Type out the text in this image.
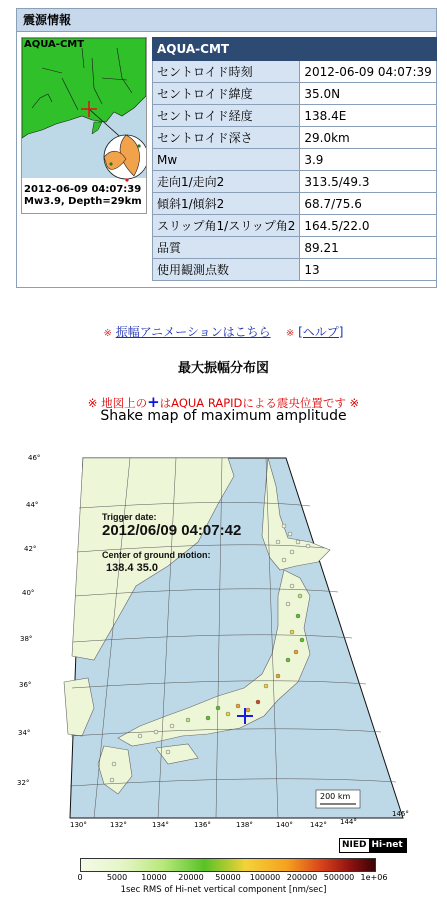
震源情報
AQUA-CMT
2012-06-09 04:07:39
Mw3.9, Depth=29km
AQUA-CMT	
セントロイド時刻	2012-06-09 04:07:39
セントロイド緯度	35.0N
セントロイド経度	138.4E
セントロイド深さ	29.0km
Mw	3.9
走向1/走向2	313.5/49.3
傾斜1/傾斜2	68.7/75.6
スリップ角1/スリップ角2	164.5/22.0
品質	89.21
使用観測点数	13
※ 振幅アニメーションはこちら ※ [ヘルプ]
最大振幅分布図
※ 地図上の+はAQUA RAPIDによる震央位置です ※
Shake map of maximum amplitude
Trigger date:
2012/06/09 04:07:42
Center of ground motion:
138.4 35.0
46°
44°
42°
40°
38°
36°
34°
32°
130°	132°	134°	136°	138°	140° 142° 144°
146°
200 km
NIED Hi-net
0	5000 10000 20000 50000 100000 200000 500000 1e+06
1sec RMS of Hi-net vertical component [nm/sec]
